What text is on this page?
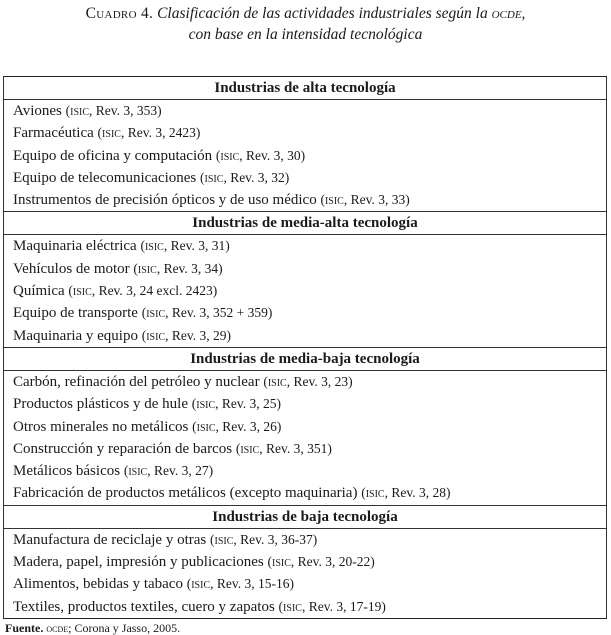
Cuadro 4. Clasificación de las actividades industriales según la ocde,
con base en la intensidad tecnológica
Industrias de alta tecnología
Aviones (isic, Rev. 3, 353)
Farmacéutica (isic, Rev. 3, 2423)
Equipo de oficina y computación (isic, Rev. 3, 30)
Equipo de telecomunicaciones (isic, Rev. 3, 32)
Instrumentos de precisión ópticos y de uso médico (isic, Rev. 3, 33)
Industrias de media-alta tecnología
Maquinaria eléctrica (isic, Rev. 3, 31)
Vehículos de motor (isic, Rev. 3, 34)
Química (isic, Rev. 3, 24 excl. 2423)
Equipo de transporte (isic, Rev. 3, 352 + 359)
Maquinaria y equipo (isic, Rev. 3, 29)
Industrias de media-baja tecnología
Carbón, refinación del petróleo y nuclear (isic, Rev. 3, 23)
Productos plásticos y de hule (isic, Rev. 3, 25)
Otros minerales no metálicos (isic, Rev. 3, 26)
Construcción y reparación de barcos (isic, Rev. 3, 351)
Metálicos básicos (isic, Rev. 3, 27)
Fabricación de productos metálicos (excepto maquinaria) (isic, Rev. 3, 28)
Industrias de baja tecnología
Manufactura de reciclaje y otras (isic, Rev. 3, 36-37)
Madera, papel, impresión y publicaciones (isic, Rev. 3, 20-22)
Alimentos, bebidas y tabaco (isic, Rev. 3, 15-16)
Textiles, productos textiles, cuero y zapatos (isic, Rev. 3, 17-19)
Fuente. ocde; Corona y Jasso, 2005.
